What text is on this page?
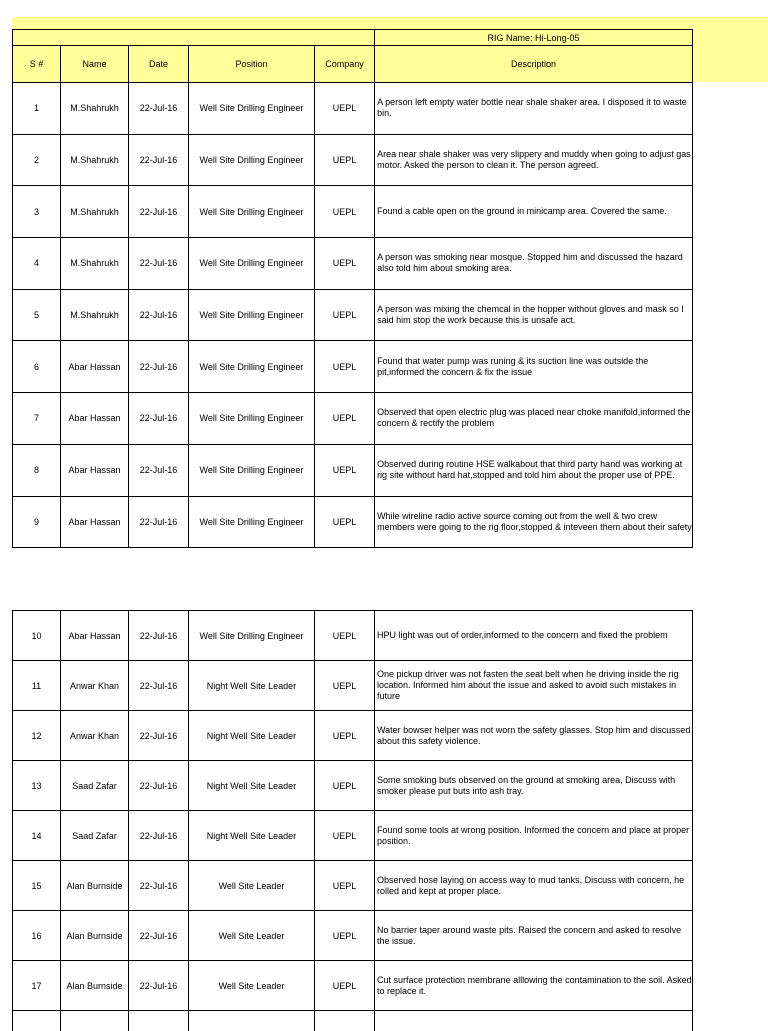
					RIG Name: Hi-Long-05
S #	Name	Date	Position	Company	Description
1	M.Shahrukh	22-Jul-16	Well Site Drilling Engineer	UEPL	A person left empty water bottle near shale shaker area. I disposed it to waste bin.
2	M.Shahrukh	22-Jul-16	Well Site Drilling Engineer	UEPL	Area near shale shaker was very slippery and muddy when going to adjust gas motor. Asked the person to clean it. The person agreed.
3	M.Shahrukh	22-Jul-16	Well Site Drilling Engineer	UEPL	Found a cable open on the ground in minicamp area. Covered the same.
4	M.Shahrukh	22-Jul-16	Well Site Drilling Engineer	UEPL	A person was smoking near mosque. Stopped him and discussed the hazard also told him about smoking area.
5	M.Shahrukh	22-Jul-16	Well Site Drilling Engineer	UEPL	A person was mixing the chemcal in the hopper without gloves and mask so I said him stop the work because this is unsafe act.
6	Abar Hassan	22-Jul-16	Well Site Drilling Engineer	UEPL	Found that water pump was runing & its suction line was outside the pit,informed the concern & fix the issue
7	Abar Hassan	22-Jul-16	Well Site Drilling Engineer	UEPL	Observed that open electric plug was placed near choke manifold,informed the concern & rectify the problem
8	Abar Hassan	22-Jul-16	Well Site Drilling Engineer	UEPL	Observed during routine HSE walkabout that third party hand was working at rig site without hard hat,stopped and told him about the proper use of PPE.
9	Abar Hassan	22-Jul-16	Well Site Drilling Engineer	UEPL	While wireline radio active source coming out from the well & two crew members were going to the rig floor,stopped & inteveen them about their safety
10	Abar Hassan	22-Jul-16	Well Site Drilling Engineer	UEPL	HPU light was out of order,informed to the concern and fixed the problem
11	Anwar Khan	22-Jul-16	Night Well Site Leader	UEPL	One pickup driver was not fasten the seat belt when he driving inside the rig location. Informed him about the issue and asked to avoid such mistakes in future
12	Anwar Khan	22-Jul-16	Night Well Site Leader	UEPL	Water bowser helper was not worn the safety glasses. Stop him and discussed about this safety violence.
13	Saad Zafar	22-Jul-16	Night Well Site Leader	UEPL	Some smoking buts observed on the ground at smoking area, Discuss with smoker please put buts into ash tray.
14	Saad Zafar	22-Jul-16	Night Well Site Leader	UEPL	Found some tools at wrong position. Informed the concern and place at proper position.
15	Alan Burnside	22-Jul-16	Well Site Leader	UEPL	Observed hose laying on access way to mud tanks, Discuss with concern, he rolled and kept at proper place.
16	Alan Burnside	22-Jul-16	Well Site Leader	UEPL	No barrier taper around waste pits. Raised the concern and asked to resolve the issue.
17	Alan Burnside	22-Jul-16	Well Site Leader	UEPL	Cut surface protection membrane alllowing the contamination to the soil. Asked to replace it.
